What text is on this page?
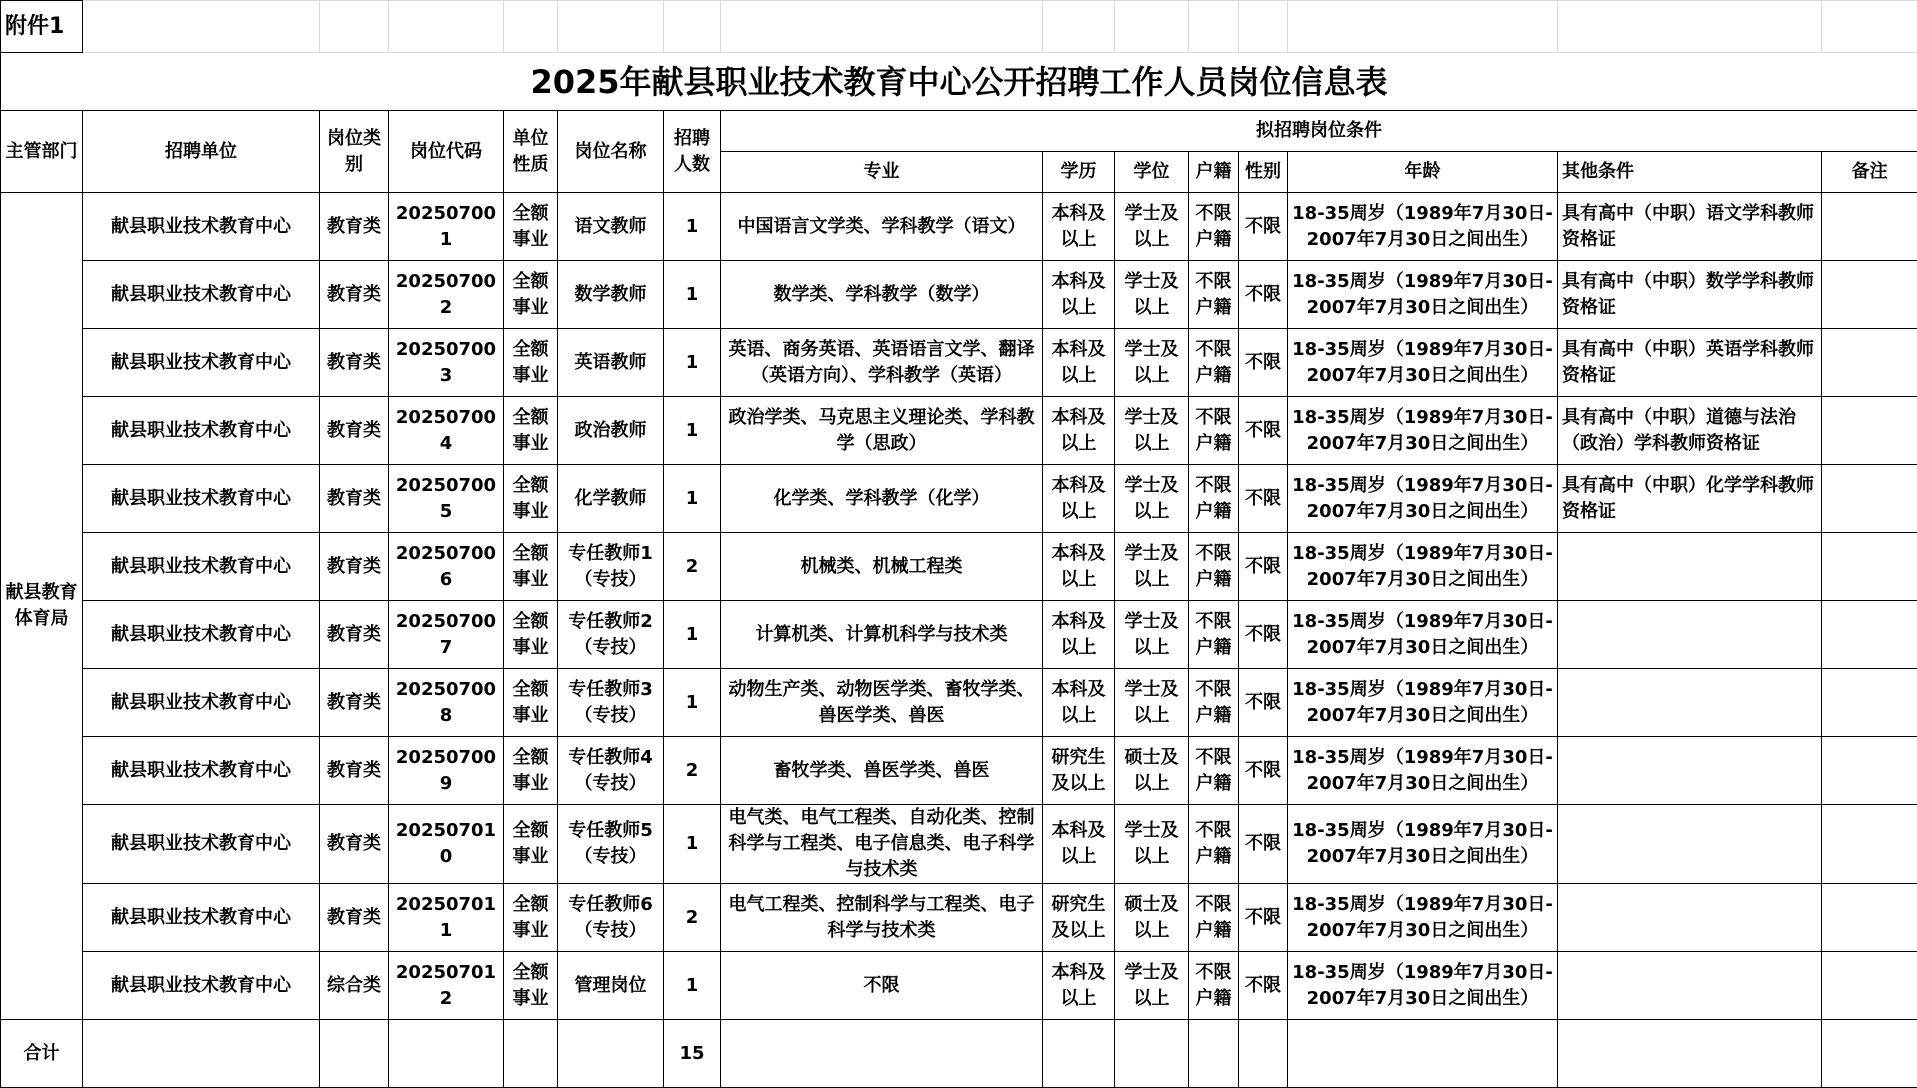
附件1														
2025年献县职业技术教育中心公开招聘工作人员岗位信息表														
主管部门	招聘单位	岗位类别	岗位代码	单位性质	岗位名称	招聘人数	拟招聘岗位条件							
							专业	学历	学位	户籍	性别	年龄	其他条件	备注
献县教育体育局	献县职业技术教育中心	教育类	202507001	全额事业	语文教师	1	中国语言文学类、学科教学（语文）	本科及以上	学士及以上	不限户籍	不限	18-35周岁（1989年7月30日-2007年7月30日之间出生）	具有高中（中职）语文学科教师资格证	
	献县职业技术教育中心	教育类	202507002	全额事业	数学教师	1	数学类、学科教学（数学）	本科及以上	学士及以上	不限户籍	不限	18-35周岁（1989年7月30日-2007年7月30日之间出生）	具有高中（中职）数学学科教师资格证	
	献县职业技术教育中心	教育类	202507003	全额事业	英语教师	1	英语、商务英语、英语语言文学、翻译（英语方向）、学科教学（英语）	本科及以上	学士及以上	不限户籍	不限	18-35周岁（1989年7月30日-2007年7月30日之间出生）	具有高中（中职）英语学科教师资格证	
	献县职业技术教育中心	教育类	202507004	全额事业	政治教师	1	政治学类、马克思主义理论类、学科教学（思政）	本科及以上	学士及以上	不限户籍	不限	18-35周岁（1989年7月30日-2007年7月30日之间出生）	具有高中（中职）道德与法治（政治）学科教师资格证	
	献县职业技术教育中心	教育类	202507005	全额事业	化学教师	1	化学类、学科教学（化学）	本科及以上	学士及以上	不限户籍	不限	18-35周岁（1989年7月30日-2007年7月30日之间出生）	具有高中（中职）化学学科教师资格证	
	献县职业技术教育中心	教育类	202507006	全额事业	专任教师1（专技）	2	机械类、机械工程类	本科及以上	学士及以上	不限户籍	不限	18-35周岁（1989年7月30日-2007年7月30日之间出生）		
	献县职业技术教育中心	教育类	202507007	全额事业	专任教师2（专技）	1	计算机类、计算机科学与技术类	本科及以上	学士及以上	不限户籍	不限	18-35周岁（1989年7月30日-2007年7月30日之间出生）		
	献县职业技术教育中心	教育类	202507008	全额事业	专任教师3（专技）	1	动物生产类、动物医学类、畜牧学类、兽医学类、兽医	本科及以上	学士及以上	不限户籍	不限	18-35周岁（1989年7月30日-2007年7月30日之间出生）		
	献县职业技术教育中心	教育类	202507009	全额事业	专任教师4（专技）	2	畜牧学类、兽医学类、兽医	研究生及以上	硕士及以上	不限户籍	不限	18-35周岁（1989年7月30日-2007年7月30日之间出生）		
	献县职业技术教育中心	教育类	202507010	全额事业	专任教师5（专技）	1	电气类、电气工程类、自动化类、控制科学与工程类、电子信息类、电子科学与技术类	本科及以上	学士及以上	不限户籍	不限	18-35周岁（1989年7月30日-2007年7月30日之间出生）		
	献县职业技术教育中心	教育类	202507011	全额事业	专任教师6（专技）	2	电气工程类、控制科学与工程类、电子科学与技术类	研究生及以上	硕士及以上	不限户籍	不限	18-35周岁（1989年7月30日-2007年7月30日之间出生）		
	献县职业技术教育中心	综合类	202507012	全额事业	管理岗位	1	不限	本科及以上	学士及以上	不限户籍	不限	18-35周岁（1989年7月30日-2007年7月30日之间出生）		
合计						15								
